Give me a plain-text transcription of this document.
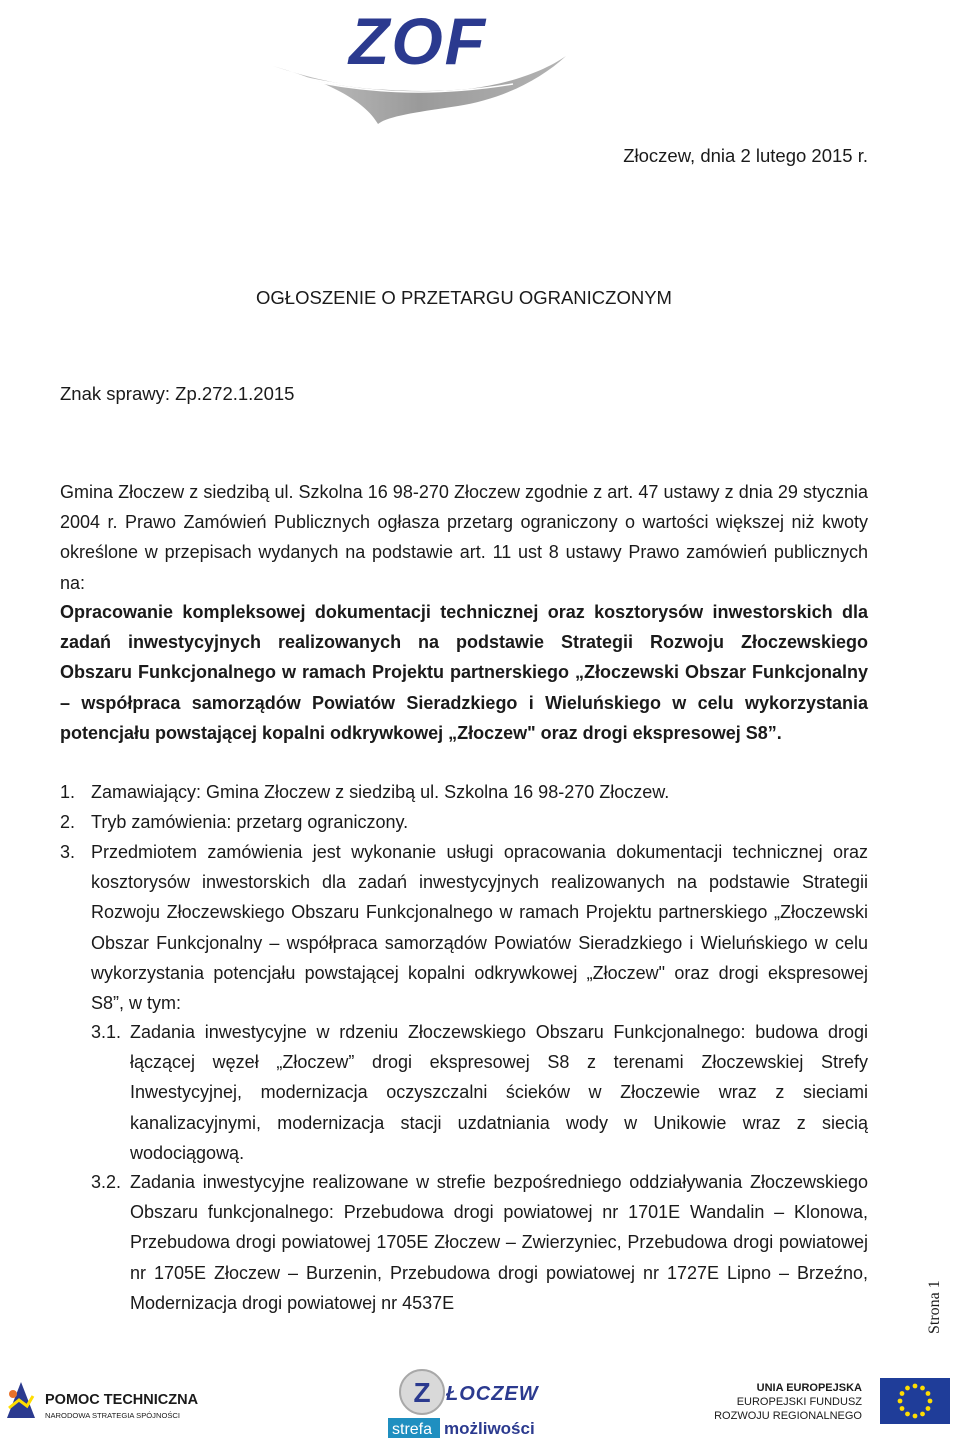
ZOF
Złoczew, dnia 2 lutego 2015 r.
OGŁOSZENIE O PRZETARGU OGRANICZONYM
Znak sprawy: Zp.272.1.2015
Gmina Złoczew z siedzibą ul. Szkolna 16 98-270 Złoczew zgodnie z art. 47 ustawy z dnia 29 stycznia 2004 r. Prawo Zamówień Publicznych ogłasza przetarg ograniczony o wartości większej niż kwoty określone w przepisach wydanych na podstawie art. 11 ust 8 ustawy Prawo zamówień publicznych na:
Opracowanie kompleksowej dokumentacji technicznej oraz kosztorysów inwestorskich dla
zadań inwestycyjnych realizowanych na podstawie Strategii Rozwoju Złoczewskiego
Obszaru Funkcjonalnego w ramach Projektu partnerskiego „Złoczewski Obszar Funkcjonalny
– współpraca samorządów Powiatów Sieradzkiego i Wieluńskiego w celu wykorzystania
potencjału powstającej kopalni odkrywkowej „Złoczew" oraz drogi ekspresowej S8”.
1. Zamawiający: Gmina Złoczew z siedzibą ul. Szkolna 16 98-270 Złoczew.
2. Tryb zamówienia: przetarg ograniczony.
3. Przedmiotem zamówienia jest wykonanie usługi opracowania dokumentacji technicznej oraz kosztorysów inwestorskich dla zadań inwestycyjnych realizowanych na podstawie Strategii Rozwoju Złoczewskiego Obszaru Funkcjonalnego w ramach Projektu partnerskiego „Złoczewski Obszar Funkcjonalny – współpraca samorządów Powiatów Sieradzkiego i Wieluńskiego w celu wykorzystania potencjału powstającej kopalni odkrywkowej „Złoczew" oraz drogi ekspresowej S8”, w tym:
3.1. Zadania inwestycyjne w rdzeniu Złoczewskiego Obszaru Funkcjonalnego: budowa drogi łączącej węzeł „Złoczew” drogi ekspresowej S8 z terenami Złoczewskiej Strefy Inwestycyjnej, modernizacja oczyszczalni ścieków w Złoczewie wraz z sieciami kanalizacyjnymi, modernizacja stacji uzdatniania wody w Unikowie wraz z siecią wodociągową.
3.2. Zadania inwestycyjne realizowane w strefie bezpośredniego oddziaływania Złoczewskiego Obszaru funkcjonalnego: Przebudowa drogi powiatowej nr 1701E Wandalin – Klonowa, Przebudowa drogi powiatowej 1705E Złoczew – Zwierzyniec, Przebudowa drogi powiatowej nr 1705E Złoczew – Burzenin, Przebudowa drogi powiatowej nr 1727E Lipno – Brzeźno, Modernizacja drogi powiatowej nr 4537E	Strona 1
POMOC TECHNICZNA
NARODOWA STRATEGIA SPÓJNOŚCI
Z ŁOCZEW
strefa możliwości
UNIA EUROPEJSKA
EUROPEJSKI FUNDUSZ
ROZWOJU REGIONALNEGO
